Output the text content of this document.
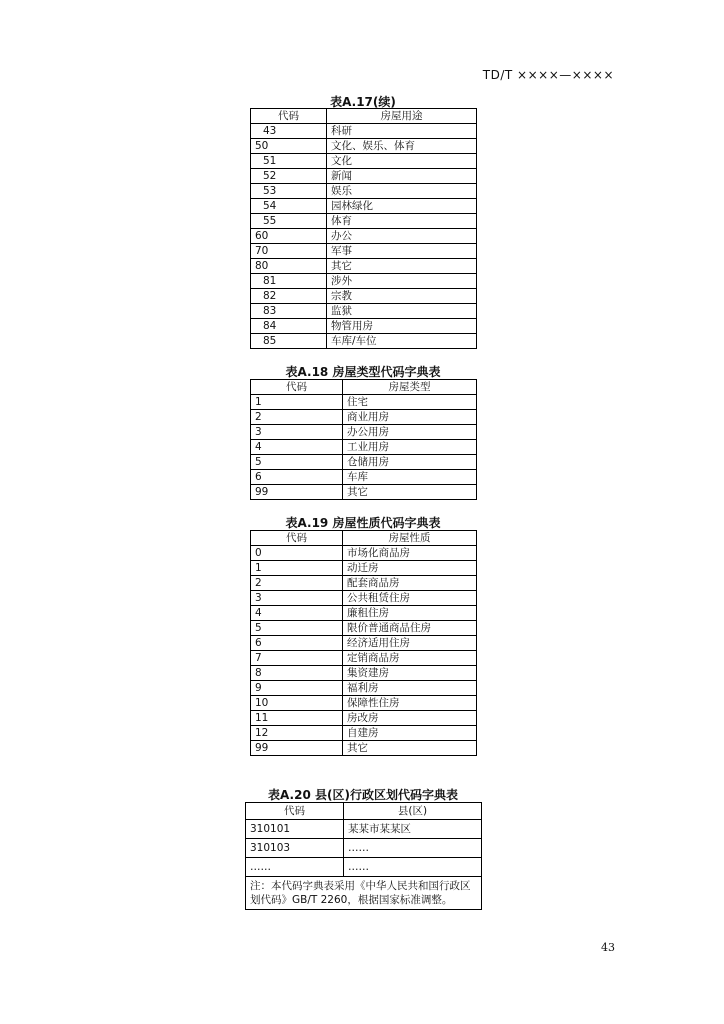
TD/T ××××—××××
表A.17(续)
代码	房屋用途
43	科研
50	文化、娱乐、体育
51	文化
52	新闻
53	娱乐
54	园林绿化
55	体育
60	办公
70	军事
80	其它
81	涉外
82	宗教
83	监狱
84	物管用房
85	车库/车位
表A.18 房屋类型代码字典表
代码	房屋类型
1	住宅
2	商业用房
3	办公用房
4	工业用房
5	仓储用房
6	车库
99	其它
表A.19 房屋性质代码字典表
代码	房屋性质
0	市场化商品房
1	动迁房
2	配套商品房
3	公共租赁住房
4	廉租住房
5	限价普通商品住房
6	经济适用住房
7	定销商品房
8	集资建房
9	福利房
10	保障性住房
11	房改房
12	自建房
99	其它
表A.20 县(区)行政区划代码字典表
代码	县(区)
310101	某某市某某区
310103	……
……	……
注：本代码字典表采用《中华人民共和国行政区划代码》GB/T 2260，根据国家标准调整。	
43
